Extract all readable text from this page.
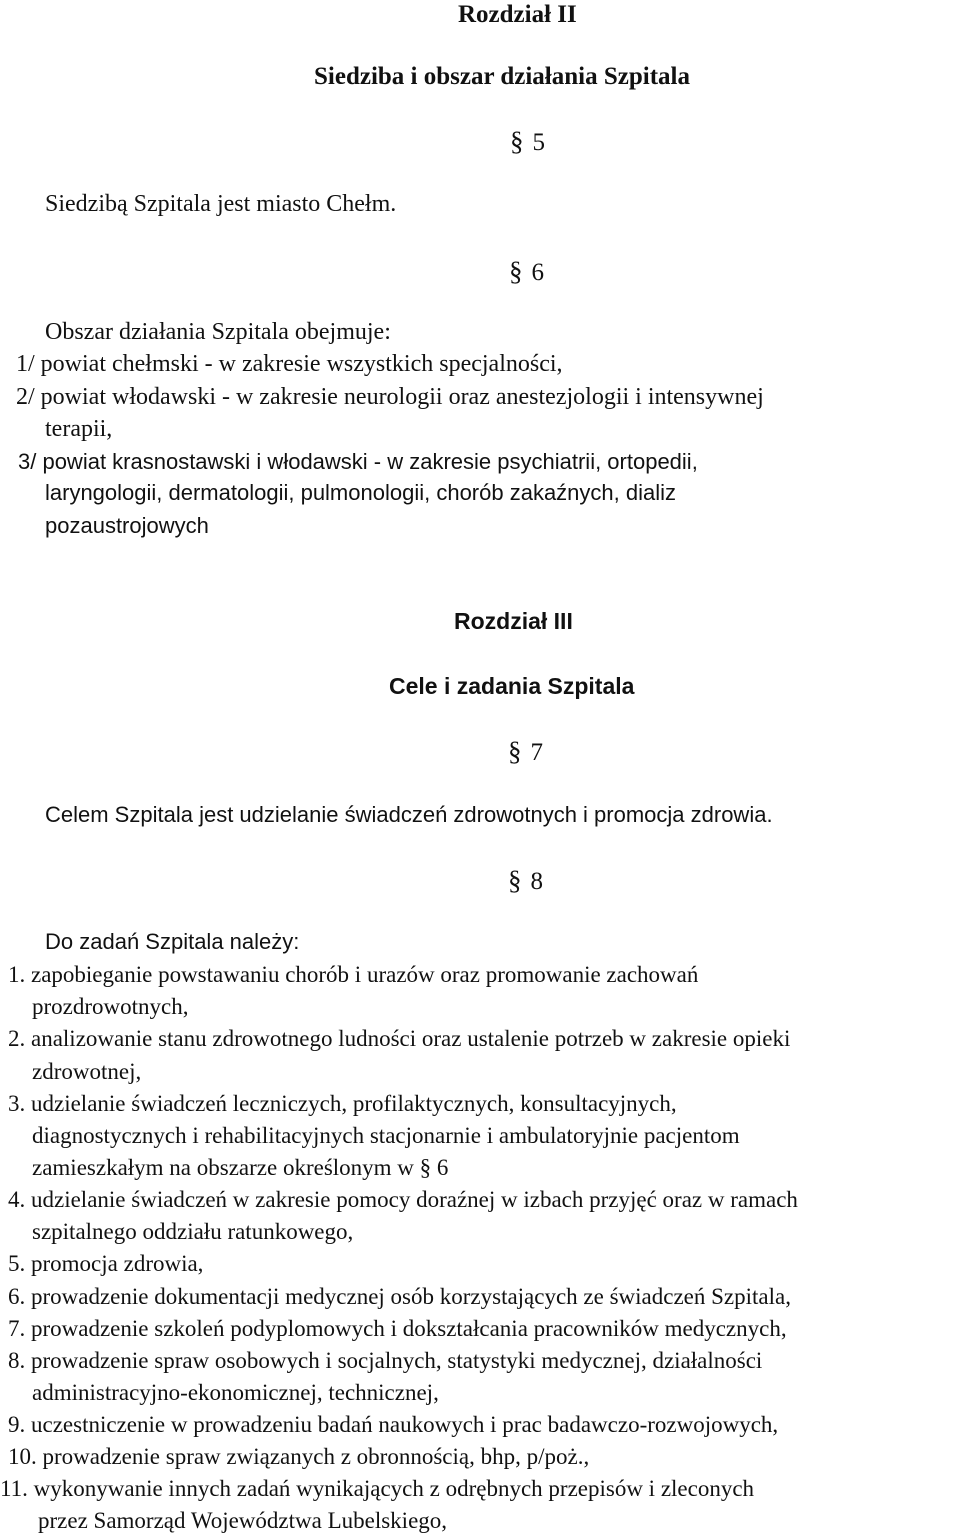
Rozdział II
Siedziba i obszar działania Szpitala
§ 5
Siedzibą Szpitala jest miasto Chełm.
§ 6
Obszar działania Szpitala obejmuje:
1/ powiat chełmski - w zakresie wszystkich specjalności,
2/ powiat włodawski - w zakresie neurologii oraz anestezjologii i intensywnej
terapii,
3/ powiat krasnostawski i włodawski - w zakresie psychiatrii, ortopedii,
laryngologii, dermatologii, pulmonologii, chorób zakaźnych, dializ
pozaustrojowych
Rozdział III
Cele i zadania Szpitala
§ 7
Celem Szpitala jest udzielanie świadczeń zdrowotnych i promocja zdrowia.
§ 8
Do zadań Szpitala należy:
1. zapobieganie powstawaniu chorób i urazów oraz promowanie zachowań
prozdrowotnych,
2. analizowanie stanu zdrowotnego ludności oraz ustalenie potrzeb w zakresie opieki
zdrowotnej,
3. udzielanie świadczeń leczniczych, profilaktycznych, konsultacyjnych,
diagnostycznych i rehabilitacyjnych stacjonarnie i ambulatoryjnie pacjentom
zamieszkałym na obszarze określonym w § 6
4. udzielanie świadczeń w zakresie pomocy doraźnej w izbach przyjęć oraz w ramach
szpitalnego oddziału ratunkowego,
5. promocja zdrowia,
6. prowadzenie dokumentacji medycznej osób korzystających ze świadczeń Szpitala,
7. prowadzenie szkoleń podyplomowych i dokształcania pracowników medycznych,
8. prowadzenie spraw osobowych i socjalnych, statystyki medycznej, działalności
administracyjno-ekonomicznej, technicznej,
9. uczestniczenie w prowadzeniu badań naukowych i prac badawczo-rozwojowych,
10. prowadzenie spraw związanych z obronnością, bhp, p/poż.,
11. wykonywanie innych zadań wynikających z odrębnych przepisów i zleconych
przez Samorząd Województwa Lubelskiego,
